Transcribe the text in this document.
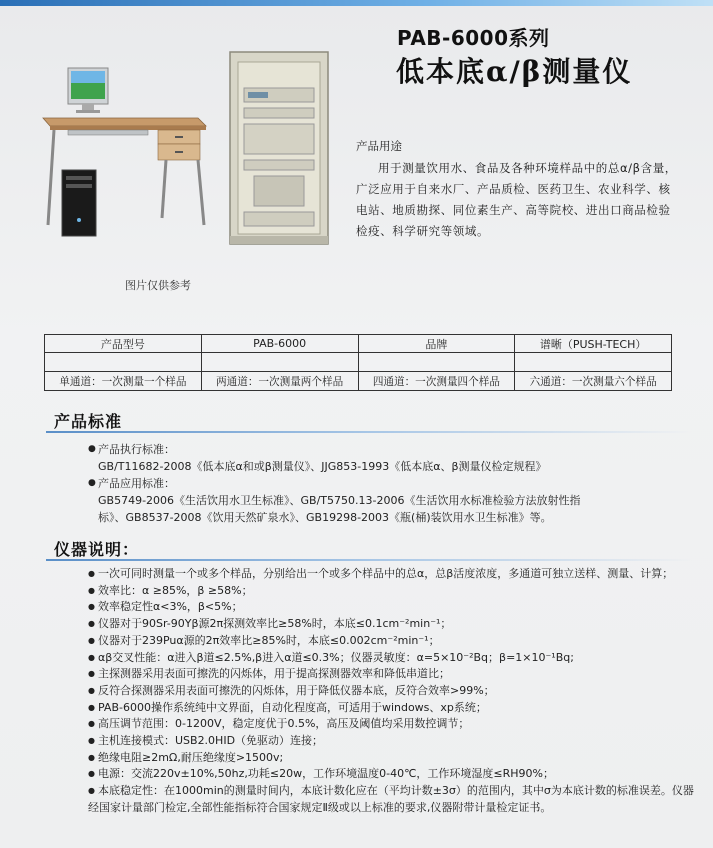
PAB-6000系列
低本底α/β测量仪
图片仅供参考
产品用途
用于测量饮用水、食品及各种环境样品中的总α/β含量，广泛应用于自来水厂、产品质检、医药卫生、农业科学、核电站、地质勘探、同位素生产、高等院校、进出口商品检验检疫、科学研究等领域。
产品型号	PAB-6000	品牌	谱晰（PUSH-TECH）

单通道：一次测量一个样品	两通道：一次测量两个样品	四通道：一次测量四个样品	六通道：一次测量六个样品
产品标准
● 产品执行标准：
GB/T11682-2008《低本底α和或β测量仪》、JJG853-1993《低本底α、β测量仪检定规程》
● 产品应用标准：
GB5749-2006《生活饮用水卫生标准》、GB/T5750.13-2006《生活饮用水标准检验方法放射性指
标》、GB8537-2008《饮用天然矿泉水》、GB19298-2003《瓶(桶)装饮用水卫生标准》等。
仪器说明：

● 一次可同时测量一个或多个样品，分别给出一个或多个样品中的总α，总β活度浓度，多通道可独立送样、测量、计算；

● 效率比：α ≥85%，β ≥58%；

● 效率稳定性α<3%，β<5%；

● 仪器对于90Sr-90Yβ源2π探测效率比≥58%时，本底≤0.1cm⁻²min⁻¹；

● 仪器对于239Puα源的2π效率比≥85%时，本底≤0.002cm⁻²min⁻¹；

● αβ交叉性能：α进入β道≤2.5%,β进入α道≤0.3%；仪器灵敏度：α=5×10⁻²Bq；β=1×10⁻¹Bq;

● 主探测器采用表面可擦洗的闪烁体，用于提高探测器效率和降低串道比；

● 反符合探测器采用表面可擦洗的闪烁体，用于降低仪器本底，反符合效率>99%；

● PAB-6000操作系统纯中文界面，自动化程度高，可适用于windows、xp系统；

● 高压调节范围：0-1200V，稳定度优于0.5%，高压及阈值均采用数控调节；

● 主机连接模式：USB2.0HID（免驱动）连接；

● 绝缘电阻≥2mΩ,耐压绝缘度>1500v;

● 电源：交流220v±10%,50hz,功耗≤20w，工作环境温度0-40℃，工作环境湿度≤RH90%；

● 本底稳定性：在1000min的测量时间内，本底计数化应在（平均计数±3σ）的范围内，其中σ为本底计数的标准误差。仪器经国家计量部门检定,全部性能指标符合国家规定Ⅱ级或以上标准的要求,仪器附带计量检定证书。
